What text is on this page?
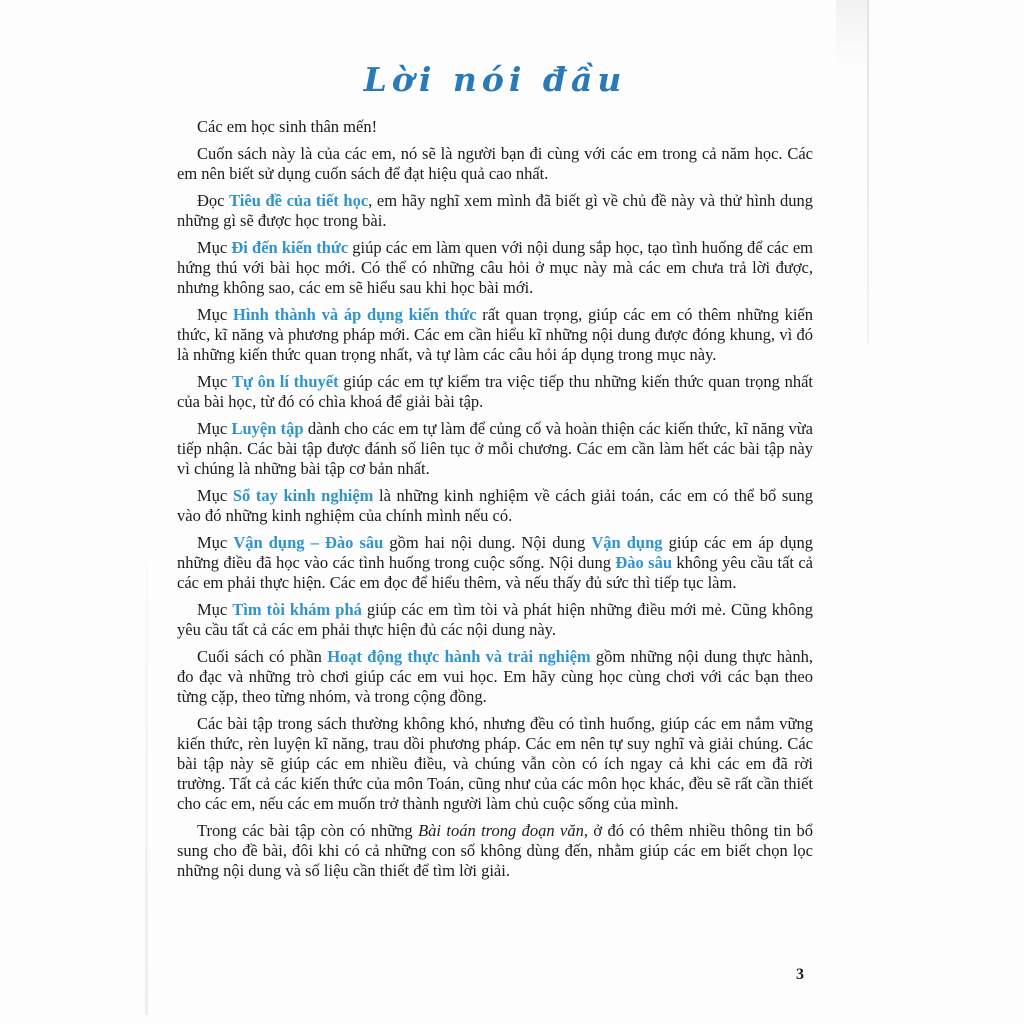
Lời nói đầu

Các em học sinh thân mến!

Cuốn sách này là của các em, nó sẽ là người bạn đi cùng với các em trong cả năm học. Các em nên biết sử dụng cuốn sách để đạt hiệu quả cao nhất.

Đọc Tiêu đề của tiết học, em hãy nghĩ xem mình đã biết gì về chủ đề này và thử hình dung những gì sẽ được học trong bài.

Mục Đi đến kiến thức giúp các em làm quen với nội dung sắp học, tạo tình huống để các em hứng thú với bài học mới. Có thể có những câu hỏi ở mục này mà các em chưa trả lời được, nhưng không sao, các em sẽ hiểu sau khi học bài mới.

Mục Hình thành và áp dụng kiến thức rất quan trọng, giúp các em có thêm những kiến thức, kĩ năng và phương pháp mới. Các em cần hiểu kĩ những nội dung được đóng khung, vì đó là những kiến thức quan trọng nhất, và tự làm các câu hỏi áp dụng trong mục này.

Mục Tự ôn lí thuyết giúp các em tự kiểm tra việc tiếp thu những kiến thức quan trọng nhất của bài học, từ đó có chìa khoá để giải bài tập.

Mục Luyện tập dành cho các em tự làm để củng cố và hoàn thiện các kiến thức, kĩ năng vừa tiếp nhận. Các bài tập được đánh số liên tục ở mỗi chương. Các em cần làm hết các bài tập này vì chúng là những bài tập cơ bản nhất.

Mục Sổ tay kinh nghiệm là những kinh nghiệm về cách giải toán, các em có thể bổ sung vào đó những kinh nghiệm của chính mình nếu có.

Mục Vận dụng – Đào sâu gồm hai nội dung. Nội dung Vận dụng giúp các em áp dụng những điều đã học vào các tình huống trong cuộc sống. Nội dung Đào sâu không yêu cầu tất cả các em phải thực hiện. Các em đọc để hiểu thêm, và nếu thấy đủ sức thì tiếp tục làm.

Mục Tìm tòi khám phá giúp các em tìm tòi và phát hiện những điều mới mẻ. Cũng không yêu cầu tất cả các em phải thực hiện đủ các nội dung này.

Cuối sách có phần Hoạt động thực hành và trải nghiệm gồm những nội dung thực hành, đo đạc và những trò chơi giúp các em vui học. Em hãy cùng học cùng chơi với các bạn theo từng cặp, theo từng nhóm, và trong cộng đồng.

Các bài tập trong sách thường không khó, nhưng đều có tình huống, giúp các em nắm vững kiến thức, rèn luyện kĩ năng, trau dồi phương pháp. Các em nên tự suy nghĩ và giải chúng. Các bài tập này sẽ giúp các em nhiều điều, và chúng vẫn còn có ích ngay cả khi các em đã rời trường. Tất cả các kiến thức của môn Toán, cũng như của các môn học khác, đều sẽ rất cần thiết cho các em, nếu các em muốn trở thành người làm chủ cuộc sống của mình.

Trong các bài tập còn có những Bài toán trong đoạn văn, ở đó có thêm nhiều thông tin bổ sung cho đề bài, đôi khi có cả những con số không dùng đến, nhằm giúp các em biết chọn lọc những nội dung và số liệu cần thiết để tìm lời giải.

3
